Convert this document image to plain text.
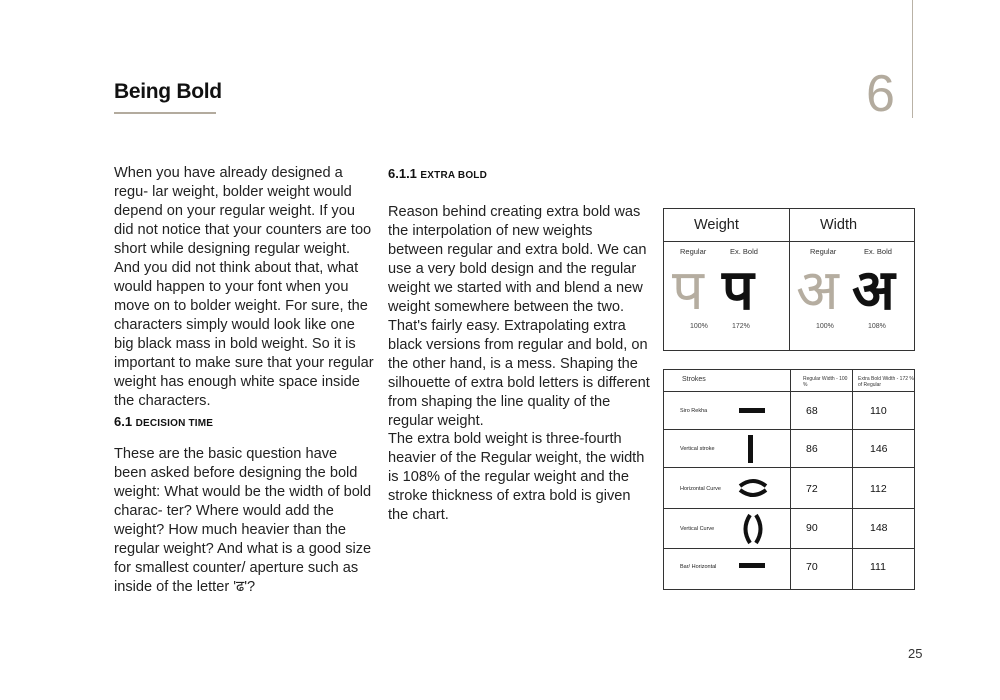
6
Being Bold

When you have already designed a regu- lar weight, bolder weight would depend on your regular weight. If you did not notice that your counters are too short while designing regular weight. And you did not think about that, what would happen to your font when you move on to bolder weight. For sure, the characters simply would look like one big black mass in bold weight. So it is important to make sure that your regular weight has enough white space inside the characters.

6.1 DECISION TIME

These are the basic question have been asked before designing the bold weight: What would be the width of bold charac- ter? Where would add the weight? How much heavier than the regular weight? And what is a good size for smallest counter/ aperture such as inside of the letter 'ढ'?

6.1.1 EXTRA BOLD

Reason behind creating extra bold was the interpolation of new weights between regular and extra bold. We can use a very bold design and the regular weight we started with and blend a new weight somewhere between the two. That's fairly easy. Extrapolating extra black versions from regular and bold, on the other hand, is a mess. Shaping the silhouette of extra bold letters is different from shaping the line quality of the regular weight.

The extra bold weight is three-fourth heavier of the Regular weight, the width is 108% of the regular weight and the stroke thickness of extra bold is given the chart.

Weight	Width
Regular	Ex. Bold	Regular	Ex. Bold
प प अ अ
100%	172%	100%	108%
Strokes	Regular Width - 100 %
Extra Bold Width - 172 % of Regular
Siro Rekha	68	110
Vertical stroke	86	146
Horizontal Curve	72	112
Vertical Curve	90	148
Bar/ Horizontal	70	111
25
